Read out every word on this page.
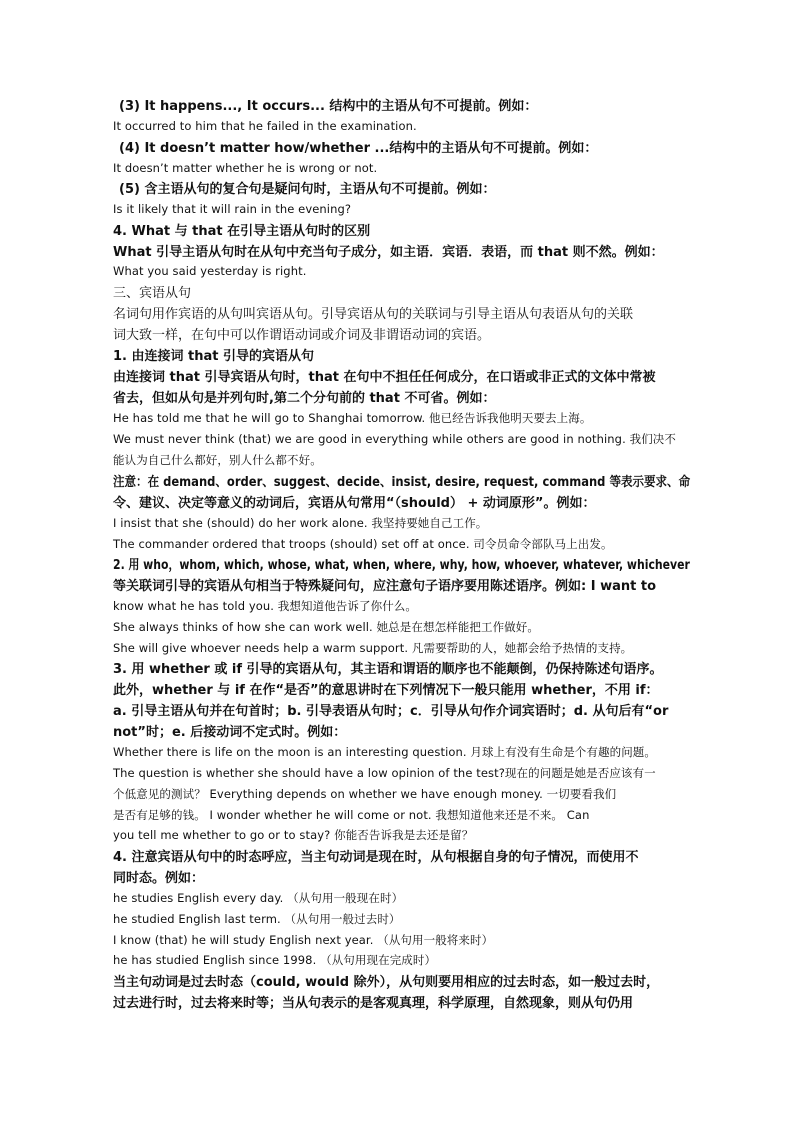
(3) It happens..., It occurs... 结构中的主语从句不可提前。例如：
It occurred to him that he failed in the examination.
(4) It doesn’t matter how/whether ...结构中的主语从句不可提前。例如：
It doesn’t matter whether he is wrong or not.
(5) 含主语从句的复合句是疑问句时，主语从句不可提前。例如：
Is it likely that it will rain in the evening?
4. What 与 that 在引导主语从句时的区别
What 引导主语从句时在从句中充当句子成分，如主语．宾语．表语，而 that 则不然。例如：
What you said yesterday is right.
三、宾语从句
名词句用作宾语的从句叫宾语从句。引导宾语从句的关联词与引导主语从句表语从句的关联
词大致一样，在句中可以作谓语动词或介词及非谓语动词的宾语。
1. 由连接词 that 引导的宾语从句
由连接词 that 引导宾语从句时，that 在句中不担任任何成分，在口语或非正式的文体中常被
省去，但如从句是并列句时,第二个分句前的 that 不可省。例如：
He has told me that he will go to Shanghai tomorrow. 他已经告诉我他明天要去上海。
We must never think (that) we are good in everything while others are good in nothing. 我们决不
能认为自己什么都好，别人什么都不好。
注意：在 demand、order、suggest、decide、insist, desire, request, command 等表示要求、命
令、建议、决定等意义的动词后，宾语从句常用“（should） + 动词原形”。例如：
I insist that she (should) do her work alone. 我坚持要她自己工作。
The commander ordered that troops (should) set off at once. 司令员命令部队马上出发。
2. 用 who，whom, which, whose, what, when, where, why, how, whoever, whatever, whichever
等关联词引导的宾语从句相当于特殊疑问句，应注意句子语序要用陈述语序。例如: I want to
know what he has told you. 我想知道他告诉了你什么。
She always thinks of how she can work well. 她总是在想怎样能把工作做好。
She will give whoever needs help a warm support. 凡需要帮助的人，她都会给予热情的支持。
3. 用 whether 或 if 引导的宾语从句，其主语和谓语的顺序也不能颠倒，仍保持陈述句语序。
此外，whether 与 if 在作“是否”的意思讲时在下列情况下一般只能用 whether，不用 if：
a. 引导主语从句并在句首时；b. 引导表语从句时；c．引导从句作介词宾语时；d. 从句后有“or
not”时；e. 后接动词不定式时。例如：
Whether there is life on the moon is an interesting question. 月球上有没有生命是个有趣的问题。
The question is whether she should have a low opinion of the test?现在的问题是她是否应该有一
个低意见的测试？ Everything depends on whether we have enough money. 一切要看我们
是否有足够的钱。 I wonder whether he will come or not. 我想知道他来还是不来。 Can
you tell me whether to go or to stay? 你能否告诉我是去还是留？
4. 注意宾语从句中的时态呼应，当主句动词是现在时，从句根据自身的句子情况，而使用不
同时态。例如：
he studies English every day. （从句用一般现在时）
he studied English last term. （从句用一般过去时）
I know (that) he will study English next year. （从句用一般将来时）
he has studied English since 1998. （从句用现在完成时）
当主句动词是过去时态（could, would 除外），从句则要用相应的过去时态，如一般过去时，
过去进行时，过去将来时等；当从句表示的是客观真理，科学原理，自然现象，则从句仍用
